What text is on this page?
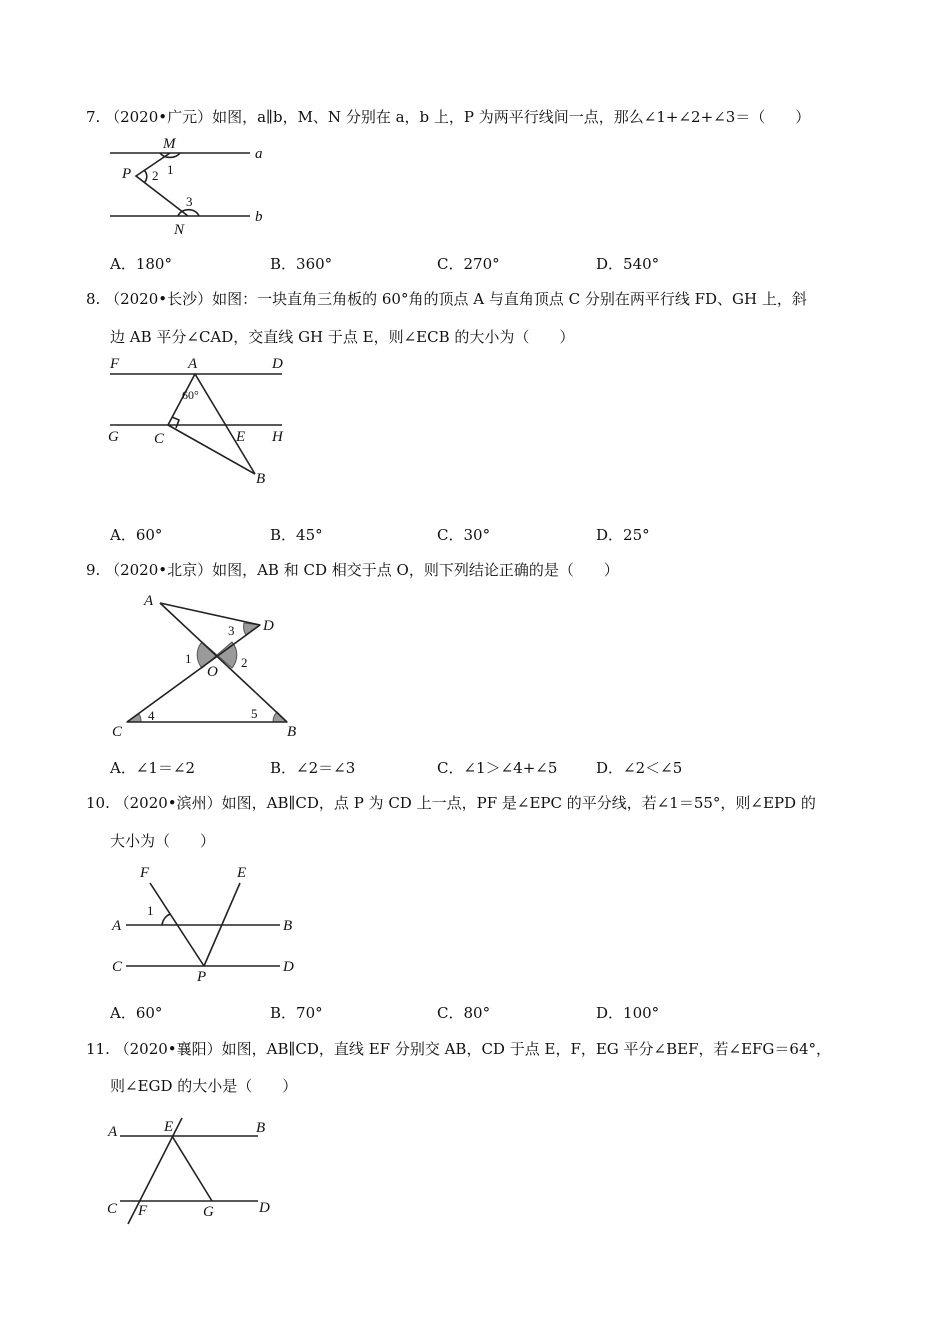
7. （2020•广元）如图，a∥b，M、N 分别在 a，b 上，P 为两平行线间一点，那么∠1+∠2+∠3＝（　　）
M
P
N
a
b
1
2
3
A．180°	B．360°	C．270°	D．540°
8. （2020•长沙）如图：一块直角三角板的 60°角的顶点 A 与直角顶点 C 分别在两平行线 FD、GH 上，斜
边 AB 平分∠CAD，交直线 GH 于点 E，则∠ECB 的大小为（　　）
F	A	D
G C	E H
B
60°
A．60°	B．45°	C．30°	D．25°
9. （2020•北京）如图，AB 和 CD 相交于点 O，则下列结论正确的是（　　）
A
D
O
C	B
1	2
3
4	5
A．∠1＝∠2	B．∠2＝∠3	C．∠1＞∠4+∠5	D．∠2＜∠5
10. （2020•滨州）如图，AB∥CD，点 P 为 CD 上一点，PF 是∠EPC 的平分线，若∠1＝55°，则∠EPD 的
大小为（　　）
F	E
A	B
C	D
P
1
A．60°	B．70°	C．80°	D．100°
11. （2020•襄阳）如图，AB∥CD，直线 EF 分别交 AB，CD 于点 E，F，EG 平分∠BEF，若∠EFG＝64°，
则∠EGD 的大小是（　　）
A	E	B
C F	G	D
